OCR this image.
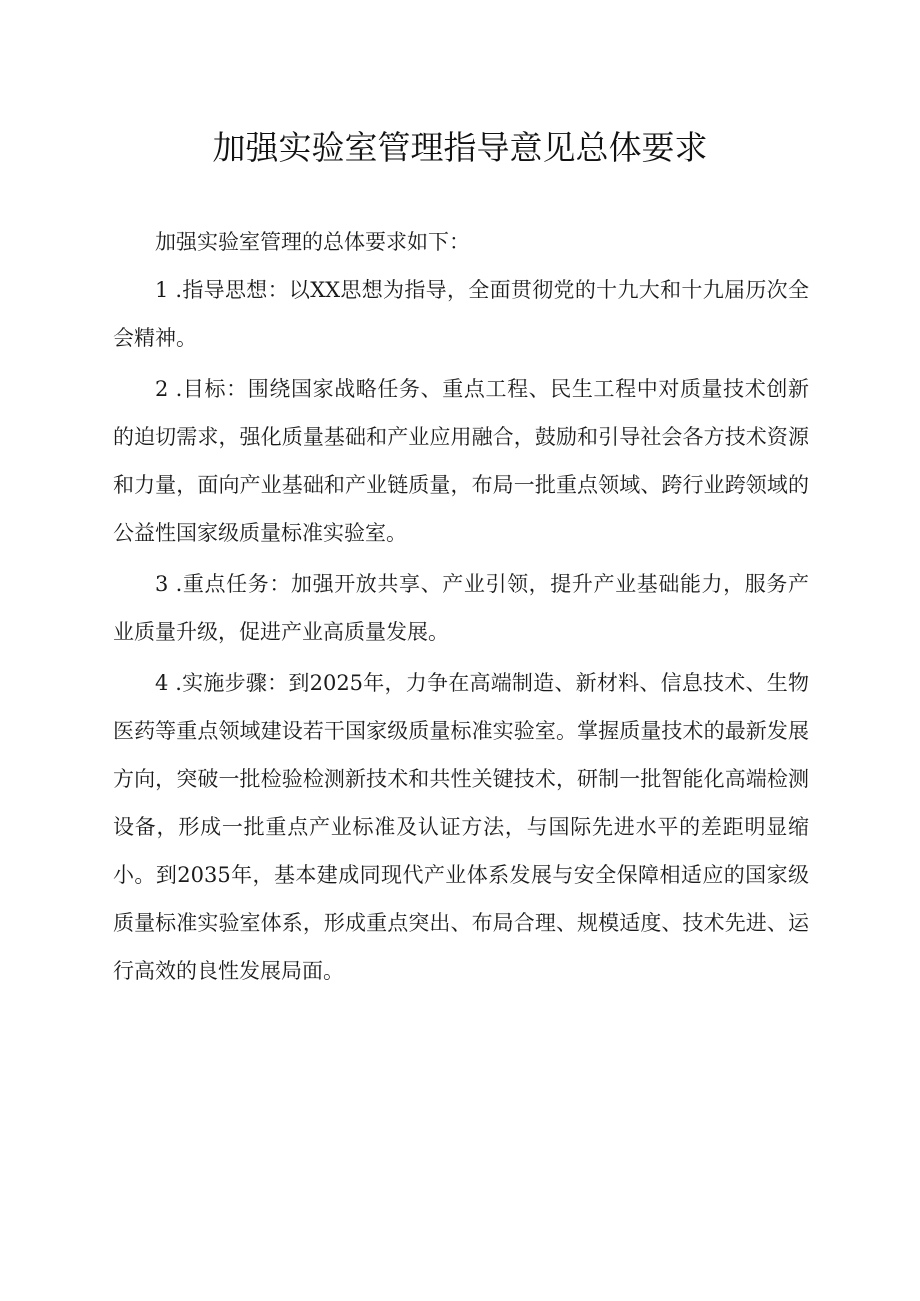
加强实验室管理指导意见总体要求

加强实验室管理的总体要求如下：

1 .指导思想：以XX思想为指导，全面贯彻党的十九大和十九届历次全会精神。

2 .目标：围绕国家战略任务、重点工程、民生工程中对质量技术创新的迫切需求，强化质量基础和产业应用融合，鼓励和引导社会各方技术资源和力量，面向产业基础和产业链质量，布局一批重点领域、跨行业跨领域的公益性国家级质量标准实验室。

3 .重点任务：加强开放共享、产业引领，提升产业基础能力，服务产业质量升级，促进产业高质量发展。

4 .实施步骤：到2025年，力争在高端制造、新材料、信息技术、生物医药等重点领域建设若干国家级质量标准实验室。掌握质量技术的最新发展方向，突破一批检验检测新技术和共性关键技术，研制一批智能化高端检测设备，形成一批重点产业标准及认证方法，与国际先进水平的差距明显缩小。到2035年，基本建成同现代产业体系发展与安全保障相适应的国家级质量标准实验室体系，形成重点突出、布局合理、规模适度、技术先进、运行高效的良性发展局面。
